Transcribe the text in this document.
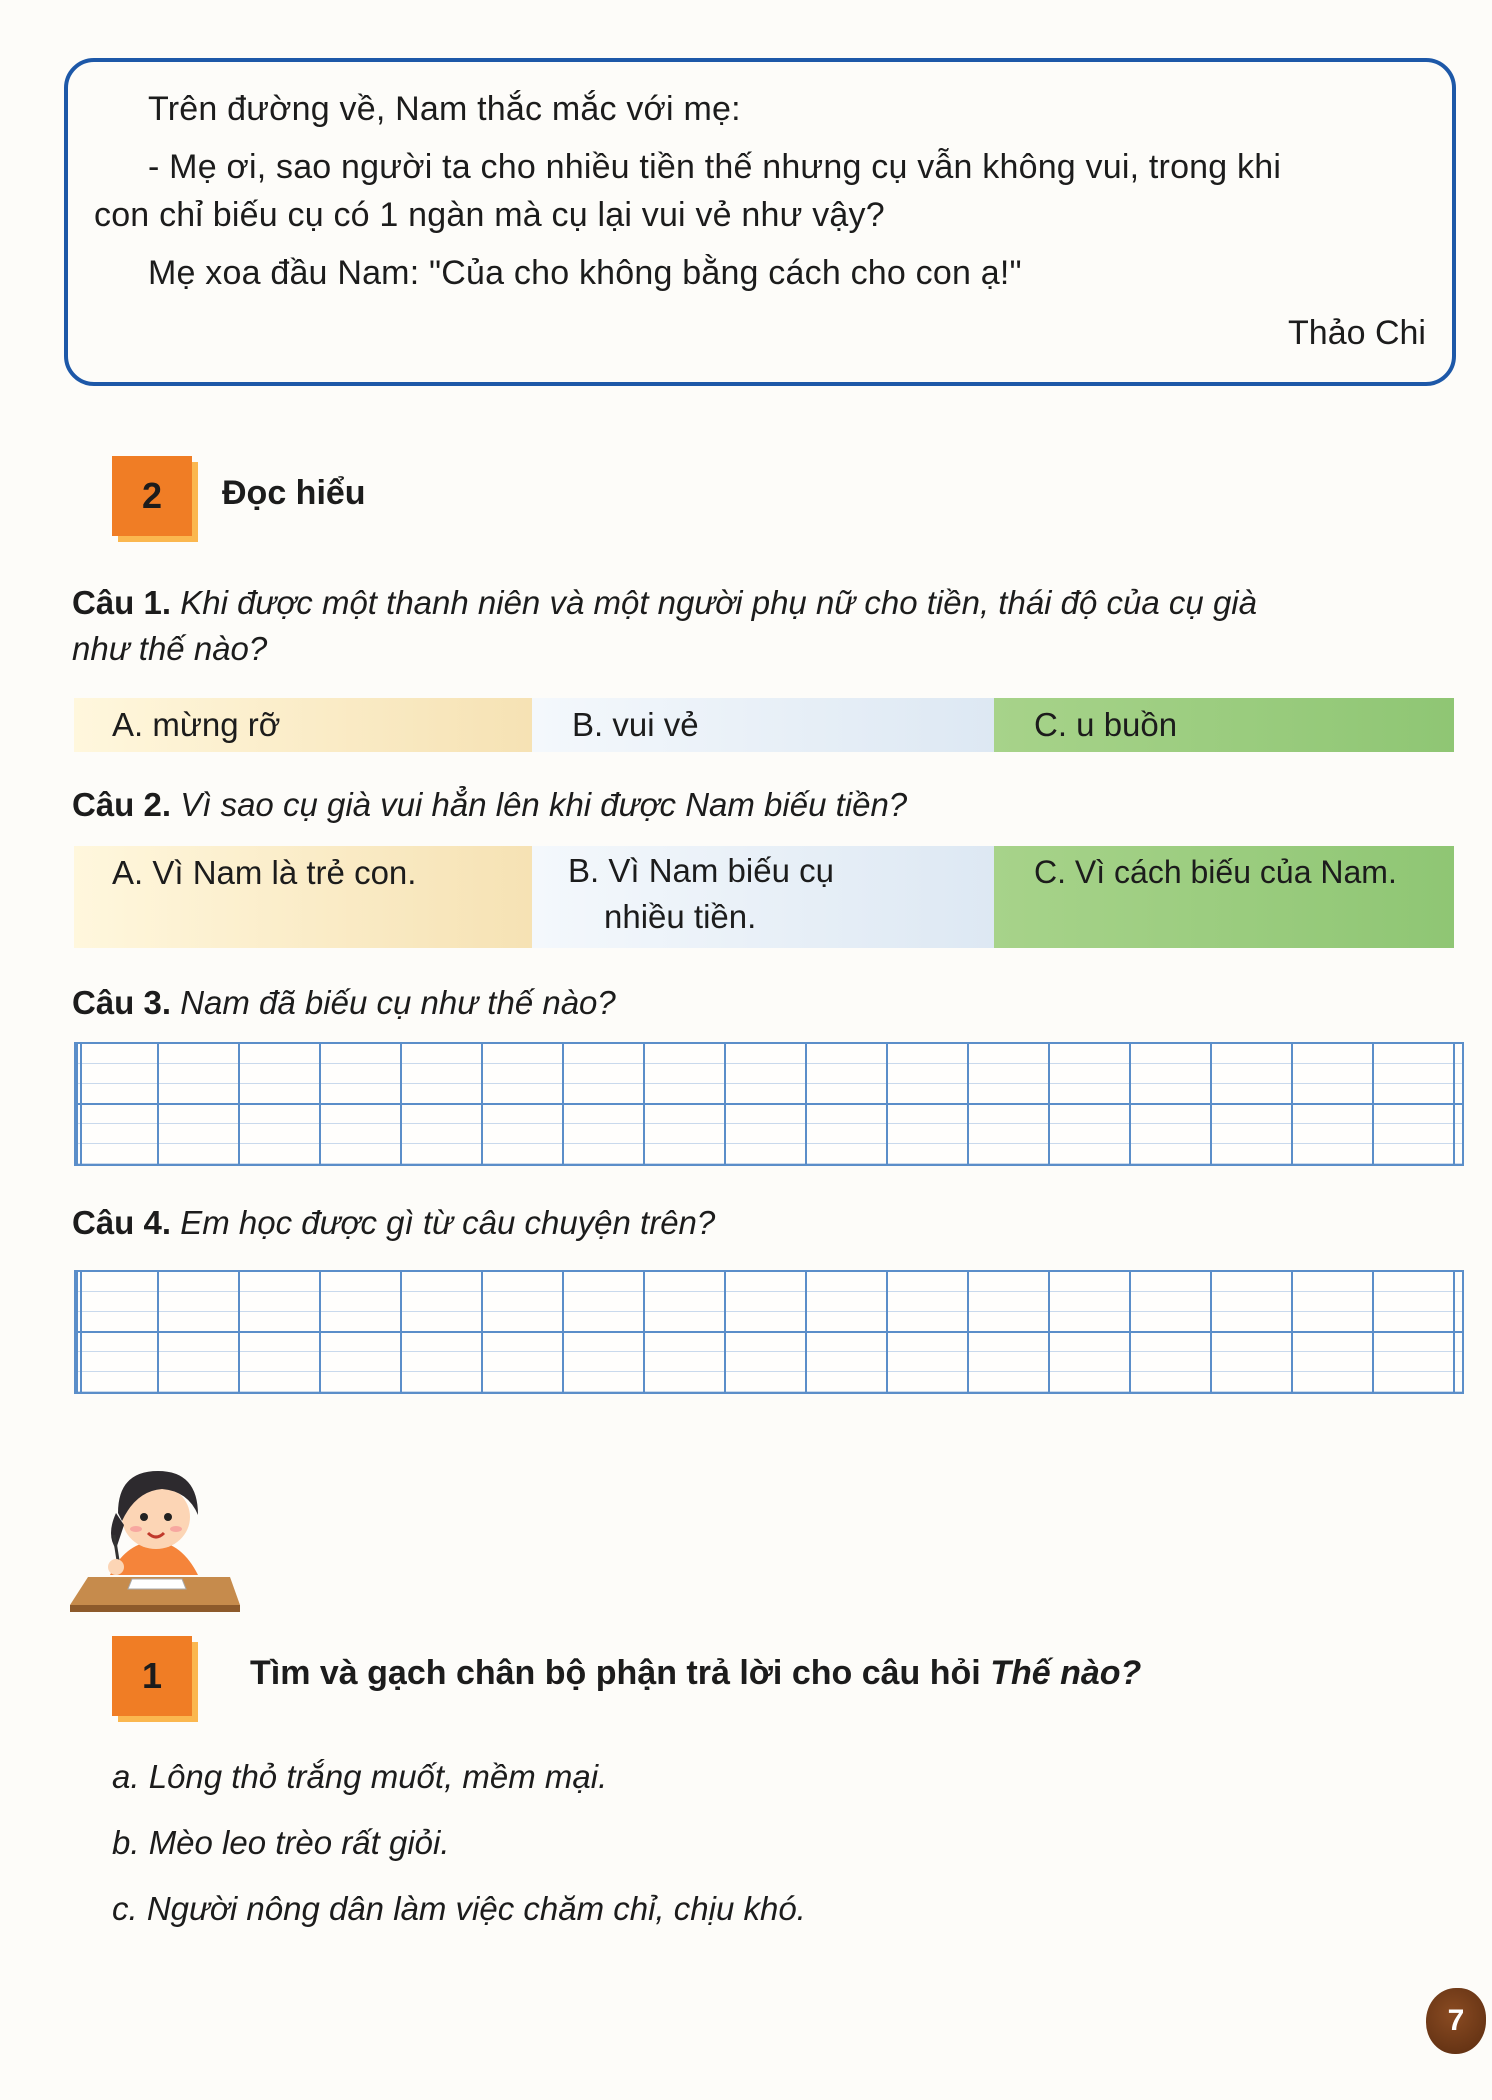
Trên đường về, Nam thắc mắc với mẹ:
- Mẹ ơi, sao người ta cho nhiều tiền thế nhưng cụ vẫn không vui, trong khi
con chỉ biếu cụ có 1 ngàn mà cụ lại vui vẻ như vậy?
Mẹ xoa đầu Nam: "Của cho không bằng cách cho con ạ!"
Thảo Chi
2	Đọc hiểu
Câu 1. Khi được một thanh niên và một người phụ nữ cho tiền, thái độ của cụ già
như thế nào?
A. mừng rỡ	B. vui vẻ	C. u buồn
Câu 2. Vì sao cụ già vui hẳn lên khi được Nam biếu tiền?
A. Vì Nam là trẻ con.	B. Vì Nam biếu cụ
nhiều tiền.
C. Vì cách biếu của Nam.
Câu 3. Nam đã biếu cụ như thế nào?
Câu 4. Em học được gì từ câu chuyện trên?
1	Tìm và gạch chân bộ phận trả lời cho câu hỏi Thế nào?
a. Lông thỏ trắng muốt, mềm mại.
b. Mèo leo trèo rất giỏi.
c. Người nông dân làm việc chăm chỉ, chịu khó.
7
